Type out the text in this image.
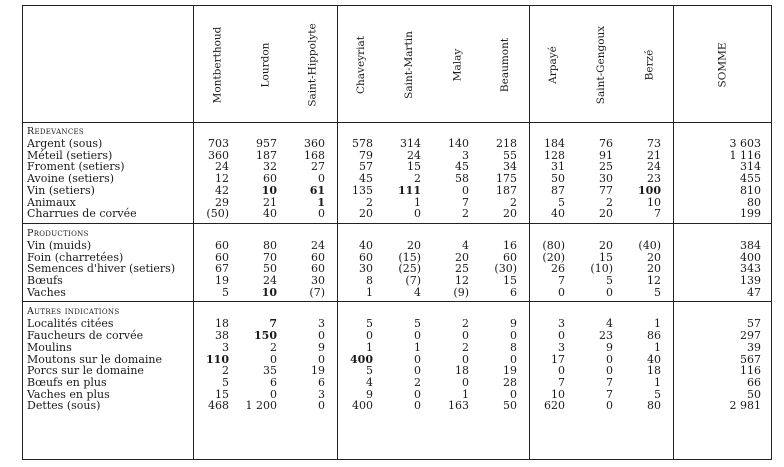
Montberthoud	Lourdon	Saint-Hippolyte	Chaveyriat	Saint-Martin	Malay	Beaumont	Arpayé	Saint-Gengoux	Berzé	SOMME
Redevances
Argent (sous)	703	957	360	578	314	140	218	184	76	73	3 603
Méteil (setiers)	360	187	168	79	24	3	55	128	91	21	1 116
Froment (setiers)	24	32	27	57	15	45	34	31	25	24	314
Avoine (setiers)	12	60	0	45	2	58	175	50	30	23	455
Vin (setiers)	42	10	61	135	111	0	187	87	77	100	810
Animaux	29	21	1	2	1	7	2	5	2	10	80
Charrues de corvée	(50)	40	0	20	0	2	20	40	20	7	199
Productions
Vin (muids)	60	80	24	40	20	4	16	(80)	20	(40)	384
Foin (charretées)	60	70	60	60	(15)	20	60	(20)	15	20	400
Semences d'hiver (setiers)	67	50	60	30	(25)	25	(30)	26	(10)	20	343
Bœufs	19	24	30	8	(7)	12	15	7	5	12	139
Vaches	5	10	(7)	1	4	(9)	6	0	0	5	47
Autres indications
Localités citées	18	7	3	5	5	2	9	3	4	1	57
Faucheurs de corvée	38	150	0	0	0	0	0	0	23	86	297
Moulins	3	2	9	1	1	2	8	3	9	1	39
Moutons sur le domaine	110	0	0	400	0	0	0	17	0	40	567
Porcs sur le domaine	2	35	19	5	0	18	19	0	0	18	116
Bœufs en plus	5	6	6	4	2	0	28	7	7	1	66
Vaches en plus	15	0	3	9	0	1	0	10	7	5	50
Dettes (sous)	468	1 200	0	400	0	163	50	620	0	80	2 981
